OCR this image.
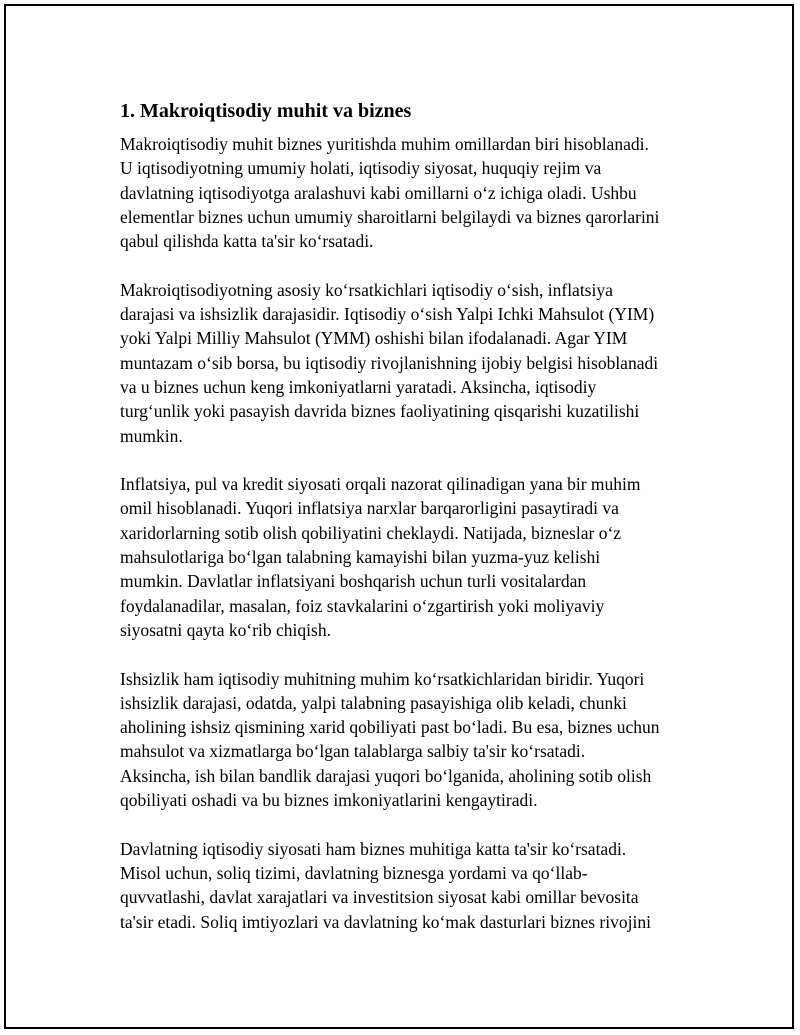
1. Makroiqtisodiy muhit va biznes

Makroiqtisodiy muhit biznes yuritishda muhim omillardan biri hisoblanadi.
U iqtisodiyotning umumiy holati, iqtisodiy siyosat, huquqiy rejim va
davlatning iqtisodiyotga aralashuvi kabi omillarni o‘z ichiga oladi. Ushbu
elementlar biznes uchun umumiy sharoitlarni belgilaydi va biznes qarorlarini
qabul qilishda katta ta'sir ko‘rsatadi.

Makroiqtisodiyotning asosiy ko‘rsatkichlari iqtisodiy o‘sish, inflatsiya
darajasi va ishsizlik darajasidir. Iqtisodiy o‘sish Yalpi Ichki Mahsulot (YIM)
yoki Yalpi Milliy Mahsulot (YMM) oshishi bilan ifodalanadi. Agar YIM
muntazam o‘sib borsa, bu iqtisodiy rivojlanishning ijobiy belgisi hisoblanadi
va u biznes uchun keng imkoniyatlarni yaratadi. Aksincha, iqtisodiy
turg‘unlik yoki pasayish davrida biznes faoliyatining qisqarishi kuzatilishi
mumkin.

Inflatsiya, pul va kredit siyosati orqali nazorat qilinadigan yana bir muhim
omil hisoblanadi. Yuqori inflatsiya narxlar barqarorligini pasaytiradi va
xaridorlarning sotib olish qobiliyatini cheklaydi. Natijada, bizneslar o‘z
mahsulotlariga bo‘lgan talabning kamayishi bilan yuzma-yuz kelishi
mumkin. Davlatlar inflatsiyani boshqarish uchun turli vositalardan
foydalanadilar, masalan, foiz stavkalarini o‘zgartirish yoki moliyaviy
siyosatni qayta ko‘rib chiqish.

Ishsizlik ham iqtisodiy muhitning muhim ko‘rsatkichlaridan biridir. Yuqori
ishsizlik darajasi, odatda, yalpi talabning pasayishiga olib keladi, chunki
aholining ishsiz qismining xarid qobiliyati past bo‘ladi. Bu esa, biznes uchun
mahsulot va xizmatlarga bo‘lgan talablarga salbiy ta'sir ko‘rsatadi.
Aksincha, ish bilan bandlik darajasi yuqori bo‘lganida, aholining sotib olish
qobiliyati oshadi va bu biznes imkoniyatlarini kengaytiradi.

Davlatning iqtisodiy siyosati ham biznes muhitiga katta ta'sir ko‘rsatadi.
Misol uchun, soliq tizimi, davlatning biznesga yordami va qo‘llab-
quvvatlashi, davlat xarajatlari va investitsion siyosat kabi omillar bevosita
ta'sir etadi. Soliq imtiyozlari va davlatning ko‘mak dasturlari biznes rivojini
